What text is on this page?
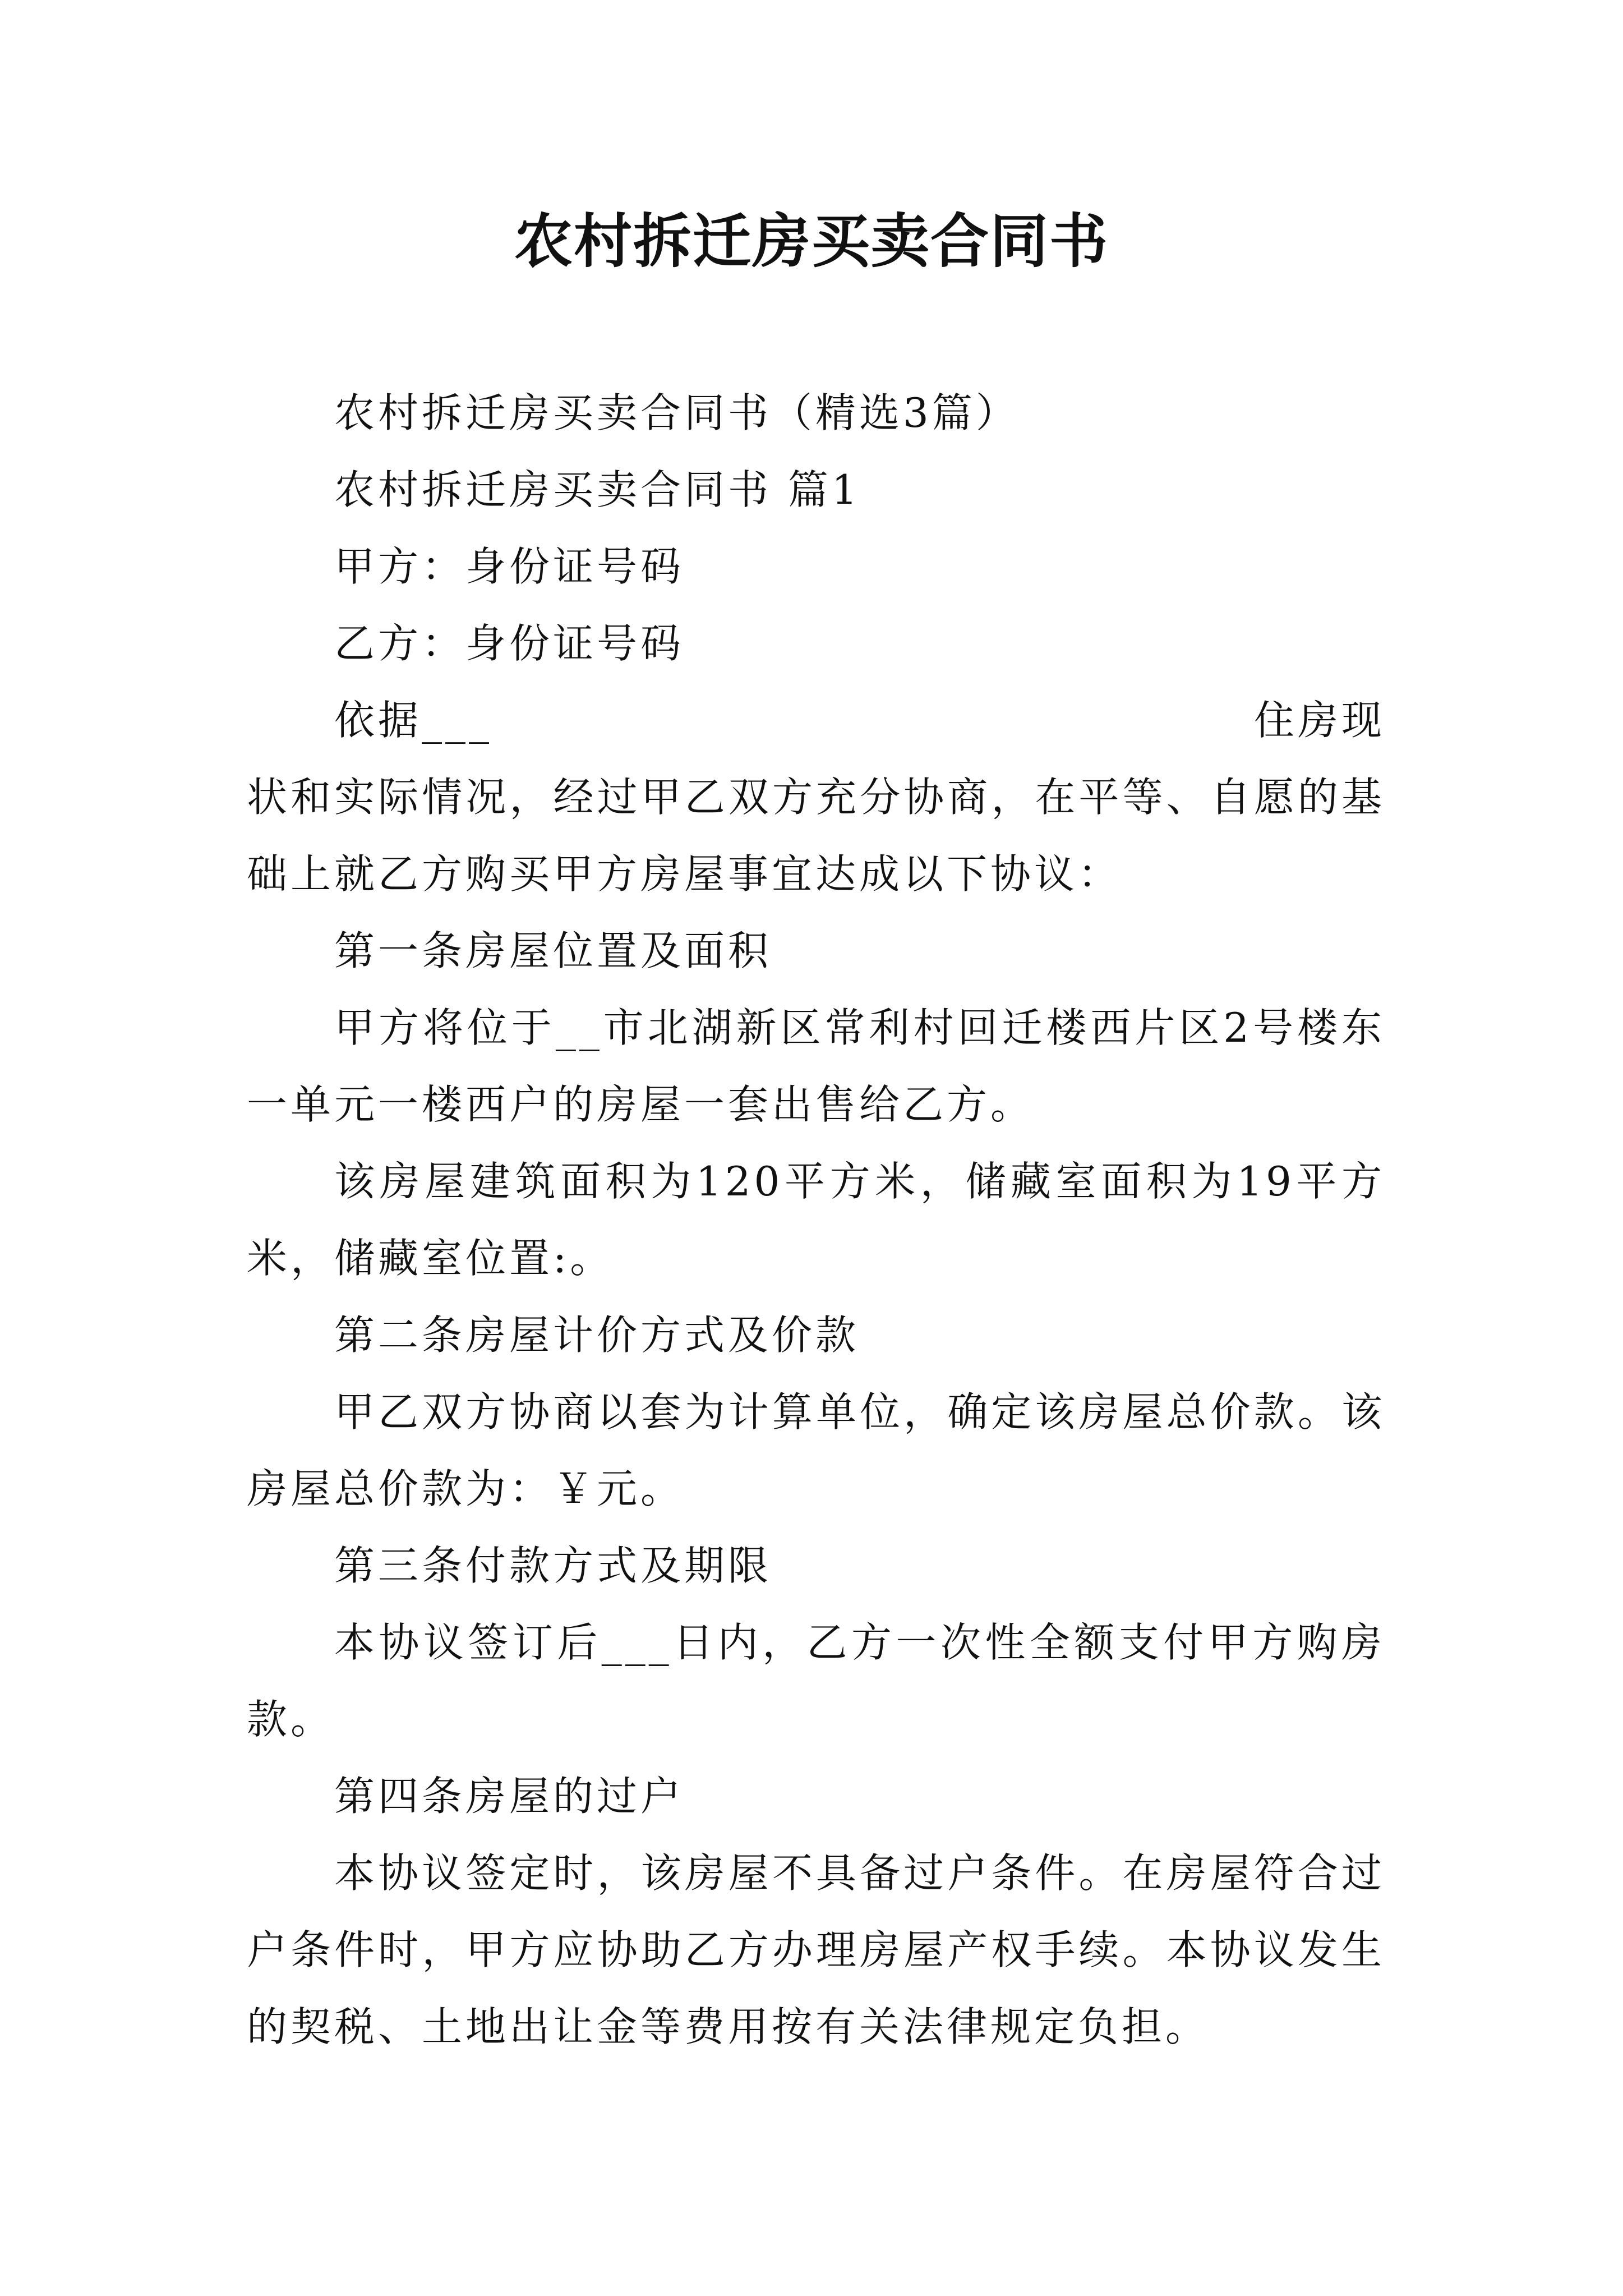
农村拆迁房买卖合同书

农村拆迁房买卖合同书（精选3篇）

农村拆迁房买卖合同书 篇1

甲方：身份证号码

乙方：身份证号码

依据___	住房现

状和实际情况，经过甲乙双方充分协商，在平等、自愿的基础上就乙方购买甲方房屋事宜达成以下协议：

第一条房屋位置及面积

甲方将位于__市北湖新区常利村回迁楼西片区2号楼东一单元一楼西户的房屋一套出售给乙方。

该房屋建筑面积为120平方米，储藏室面积为19平方米，储藏室位置:。

第二条房屋计价方式及价款

甲乙双方协商以套为计算单位，确定该房屋总价款。该房屋总价款为：￥元。

第三条付款方式及期限

本协议签订后___日内，乙方一次性全额支付甲方购房款。

第四条房屋的过户

本协议签定时，该房屋不具备过户条件。在房屋符合过户条件时，甲方应协助乙方办理房屋产权手续。本协议发生的契税、土地出让金等费用按有关法律规定负担。
